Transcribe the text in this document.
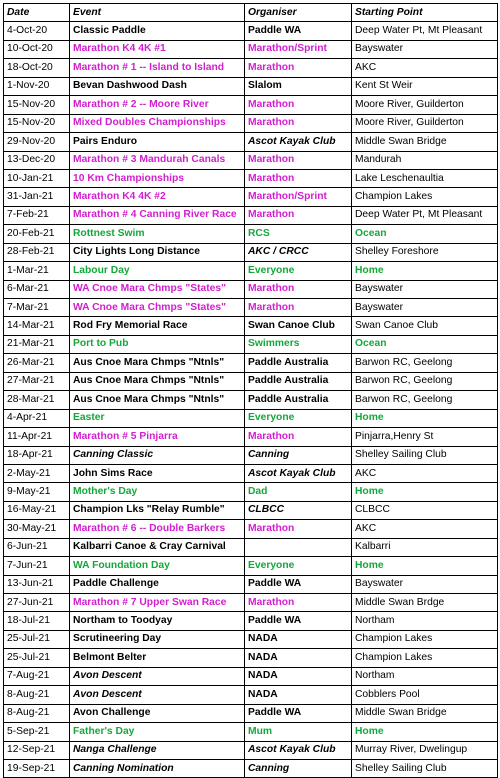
Date	Event	Organiser	Starting Point
4-Oct-20	Classic Paddle	Paddle WA	Deep Water Pt, Mt Pleasant
10-Oct-20	Marathon K4 4K #1	Marathon/Sprint	Bayswater
18-Oct-20	Marathon # 1 -- Island to Island	Marathon	AKC
1-Nov-20	Bevan Dashwood Dash	Slalom	Kent St Weir
15-Nov-20	Marathon # 2 -- Moore River	Marathon	Moore River, Guilderton
15-Nov-20	Mixed Doubles Championships	Marathon	Moore River, Guilderton
29-Nov-20	Pairs Enduro	Ascot Kayak Club	Middle Swan Bridge
13-Dec-20	Marathon # 3 Mandurah Canals	Marathon	Mandurah
10-Jan-21	10 Km Championships	Marathon	Lake Leschenaultia
31-Jan-21	Marathon K4 4K #2	Marathon/Sprint	Champion Lakes
7-Feb-21	Marathon # 4 Canning River Race	Marathon	Deep Water Pt, Mt Pleasant
20-Feb-21	Rottnest Swim	RCS	Ocean
28-Feb-21	City Lights Long Distance	AKC / CRCC	Shelley Foreshore
1-Mar-21	Labour Day	Everyone	Home
6-Mar-21	WA Cnoe Mara Chmps "States"	Marathon	Bayswater
7-Mar-21	WA Cnoe Mara Chmps "States"	Marathon	Bayswater
14-Mar-21	Rod Fry Memorial Race	Swan Canoe Club	Swan Canoe Club
21-Mar-21	Port to Pub	Swimmers	Ocean
26-Mar-21	Aus Cnoe Mara Chmps "Ntnls"	Paddle Australia	Barwon RC, Geelong
27-Mar-21	Aus Cnoe Mara Chmps "Ntnls"	Paddle Australia	Barwon RC, Geelong
28-Mar-21	Aus Cnoe Mara Chmps "Ntnls"	Paddle Australia	Barwon RC, Geelong
4-Apr-21	Easter	Everyone	Home
11-Apr-21	Marathon # 5 Pinjarra	Marathon	Pinjarra,Henry St
18-Apr-21	Canning Classic	Canning	Shelley Sailing Club
2-May-21	John Sims Race	Ascot Kayak Club	AKC
9-May-21	Mother's Day	Dad	Home
16-May-21	Champion Lks "Relay Rumble"	CLBCC	CLBCC
30-May-21	Marathon # 6 -- Double Barkers	Marathon	AKC
6-Jun-21	Kalbarri Canoe & Cray Carnival		Kalbarri
7-Jun-21	WA Foundation Day	Everyone	Home
13-Jun-21	Paddle Challenge	Paddle WA	Bayswater
27-Jun-21	Marathon # 7 Upper Swan Race	Marathon	Middle Swan Brdge
18-Jul-21	Northam to Toodyay	Paddle WA	Northam
25-Jul-21	Scrutineering Day	NADA	Champion Lakes
25-Jul-21	Belmont Belter	NADA	Champion Lakes
7-Aug-21	Avon Descent	NADA	Northam
8-Aug-21	Avon Descent	NADA	Cobblers Pool
8-Aug-21	Avon Challenge	Paddle WA	Middle Swan Bridge
5-Sep-21	Father's Day	Mum	Home
12-Sep-21	Nanga Challenge	Ascot Kayak Club	Murray River, Dwelingup
19-Sep-21	Canning Nomination	Canning	Shelley Sailing Club
